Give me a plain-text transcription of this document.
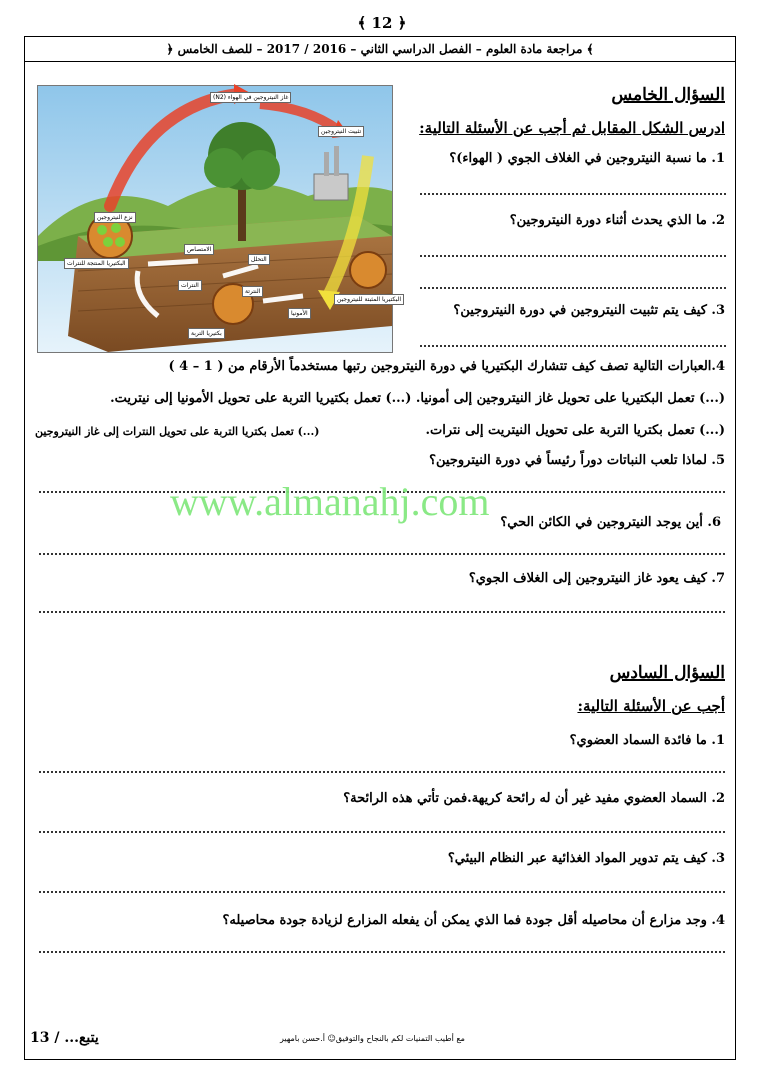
﴾ 12 ﴿
﴾ مراجعة مادة العلوم – الفصل الدراسي الثاني – 2016 / 2017 – للصف الخامس ﴿
غاز النيتروجين في الهواء (N2)
تثبيت النيتروجين
نزع النيتروجين
الامتصاص
التحلل
النترات
النترتة
الأمونيا
البكتيريا المنتجة للنترات
البكتيريا المثبتة للنيتروجين
بكتيريا التربة
السؤال الخامس
ادرس الشكل المقابل ثم أجب عن الأسئلة التالية:
1. ما نسبة النيتروجين في الغلاف الجوي ( الهواء)؟
2. ما الذي يحدث أثناء دورة النيتروجين؟
3. كيف يتم تثبيت النيتروجين في دورة النيتروجين؟
4.العبارات التالية تصف كيف تتشارك البكتيريا في دورة النيتروجين رتبها مستخدماً الأرقام من ( 1 – 4 )
(...) تعمل البكتيريا على تحويل غاز النيتروجين إلى أمونيا. (...) تعمل بكتيريا التربة على تحويل الأمونيا إلى نيتريت.
(...) تعمل بكتريا التربة على تحويل النيتريت إلى نترات.
(...) تعمل بكتريا التربة على تحويل النترات إلى غاز النيتروجين
5. لماذا تلعب النباتات دوراً رئيساً في دورة النيتروجين؟
6. أين يوجد النيتروجين في الكائن الحي؟
7. كيف يعود غاز النيتروجين إلى الغلاف الجوي؟
السؤال السادس
أجب عن الأسئلة التالية:
1. ما فائدة السماد العضوي؟
2. السماد العضوي مفيد غير أن له رائحة كريهة.فمن تأتي هذه الرائحة؟
3. كيف يتم تدوير المواد الغذائية عبر النظام البيئي؟
4. وجد مزارع أن محاصيله أقل جودة فما الذي يمكن أن يفعله المزارع لزيادة جودة محاصيله؟
www.almanahj.com
يتبع... / 13	مع أطيب التمنيات لكم بالنجاح والتوفيق☺ أ.حسن بامهير
